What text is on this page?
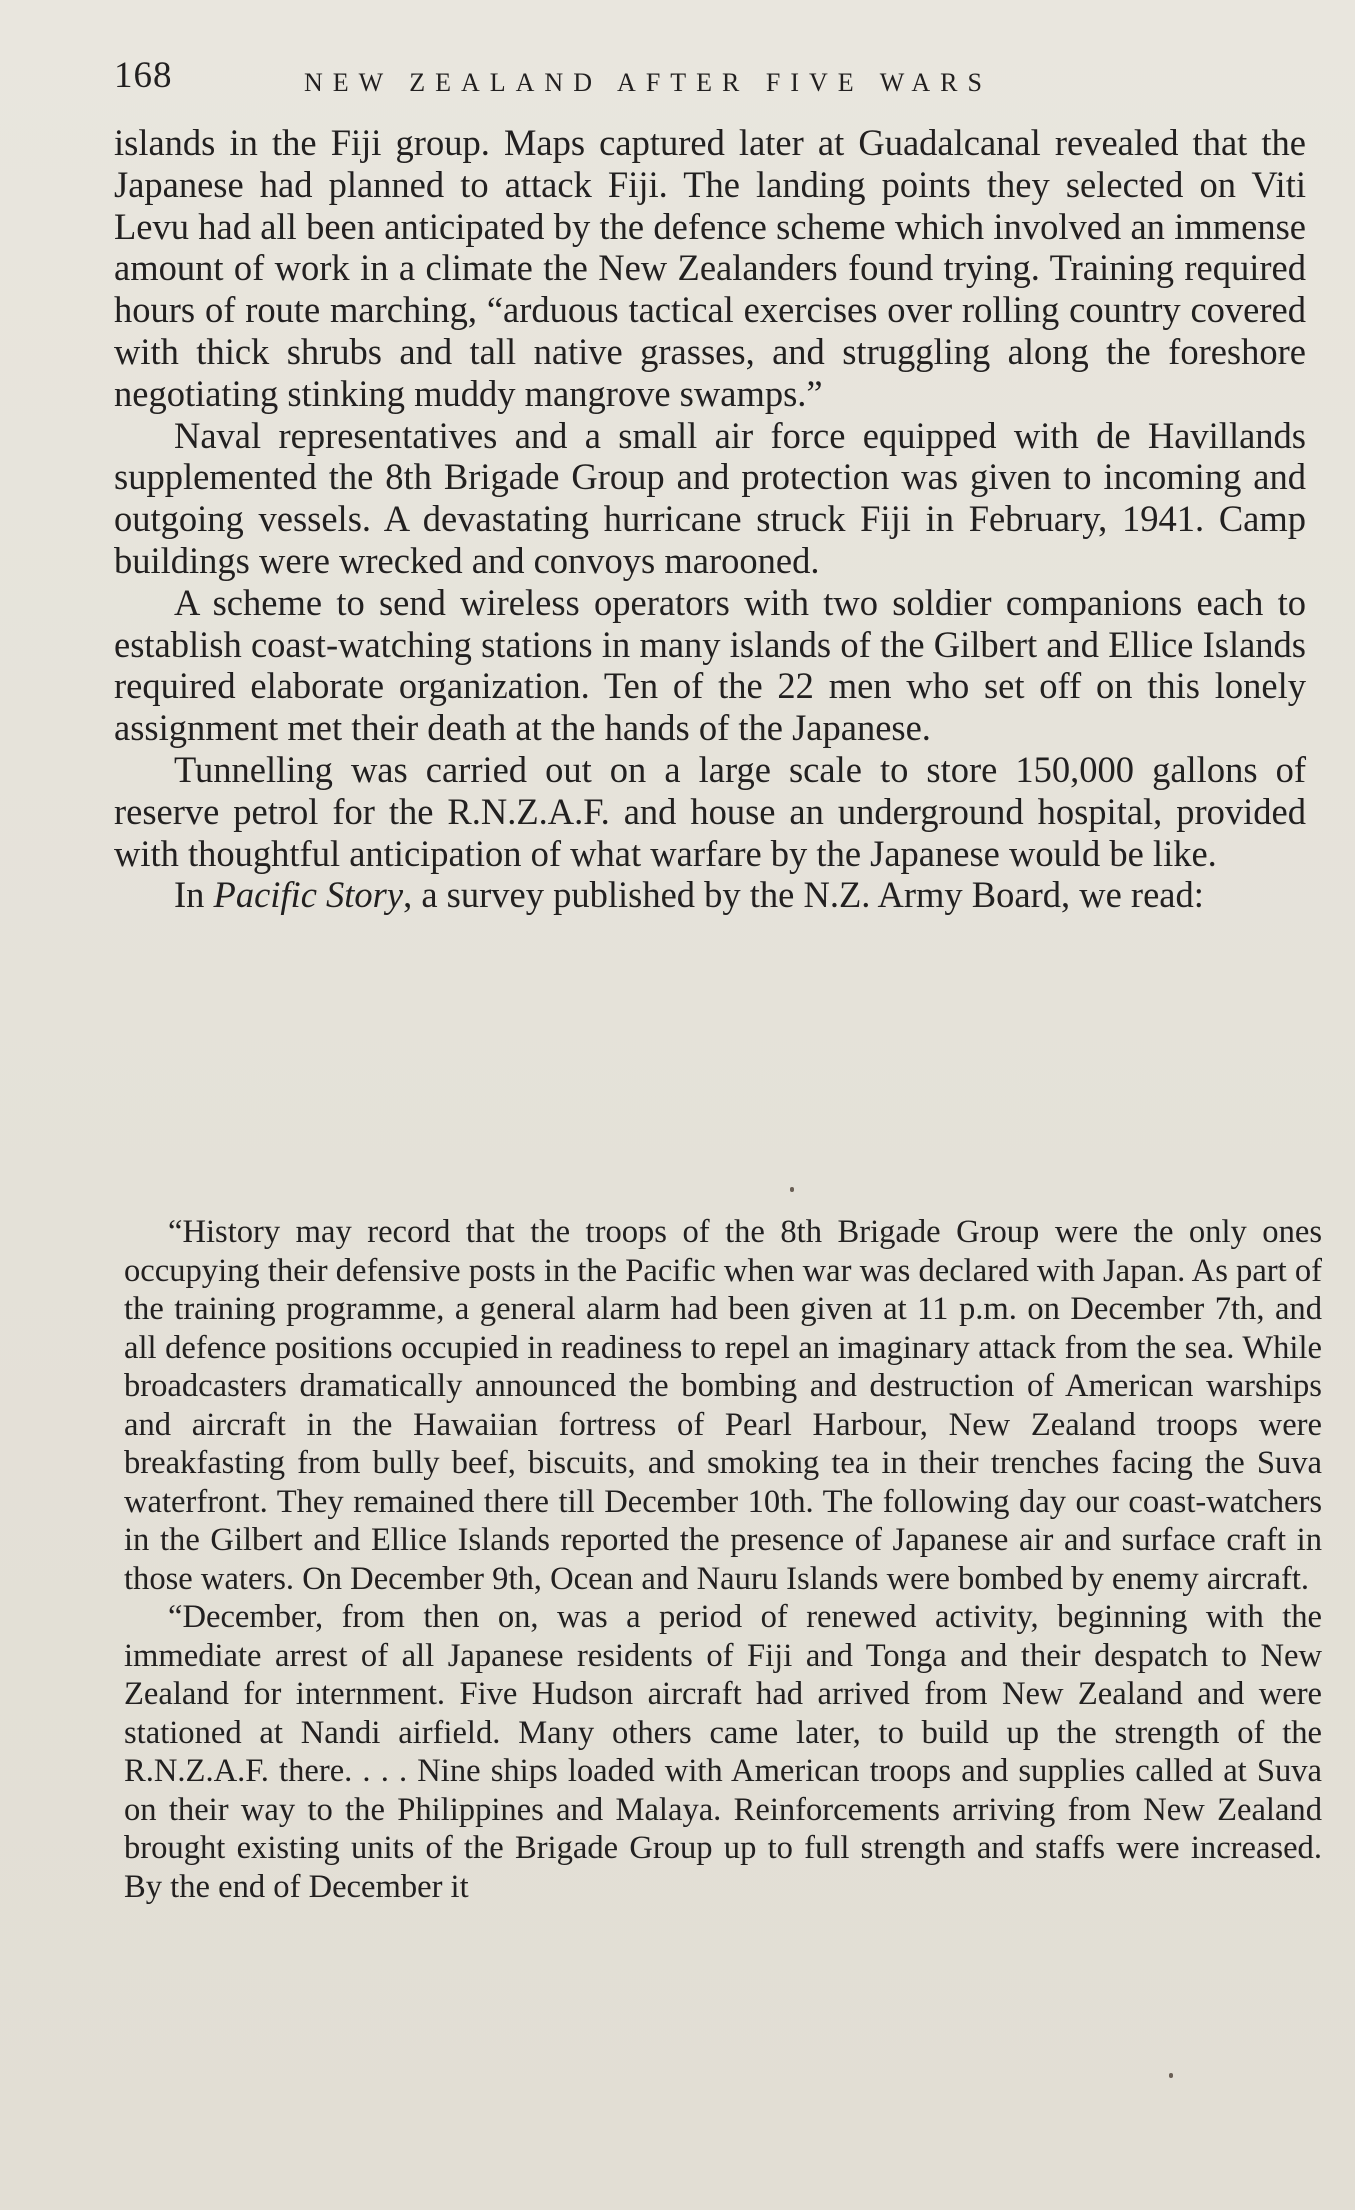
168	NEW ZEALAND AFTER FIVE WARS

islands in the Fiji group. Maps captured later at Guadalcanal revealed that the Japanese had planned to attack Fiji. The landing points they selected on Viti Levu had all been anticipated by the defence scheme which involved an immense amount of work in a climate the New Zealanders found trying. Training required hours of route marching, “arduous tactical exercises over rolling country covered with thick shrubs and tall native grasses, and struggling along the foreshore negotiating stinking muddy mangrove swamps.”

Naval representatives and a small air force equipped with de Havillands supplemented the 8th Brigade Group and protection was given to incoming and outgoing vessels. A devastating hurricane struck Fiji in February, 1941. Camp buildings were wrecked and convoys marooned.

A scheme to send wireless operators with two soldier companions each to establish coast-watching stations in many islands of the Gilbert and Ellice Islands required elaborate organization. Ten of the 22 men who set off on this lonely assignment met their death at the hands of the Japanese.

Tunnelling was carried out on a large scale to store 150,000 gallons of reserve petrol for the R.N.Z.A.F. and house an underground hospital, provided with thoughtful anticipation of what warfare by the Japanese would be like.

In Pacific Story, a survey published by the N.Z. Army Board, we read:

“History may record that the troops of the 8th Brigade Group were the only ones occupying their defensive posts in the Pacific when war was declared with Japan. As part of the training programme, a general alarm had been given at 11 p.m. on December 7th, and all defence positions occupied in readiness to repel an imaginary attack from the sea. While broadcasters dramatically announced the bombing and destruction of American warships and aircraft in the Hawaiian fortress of Pearl Harbour, New Zealand troops were breakfasting from bully beef, biscuits, and smoking tea in their trenches facing the Suva waterfront. They remained there till December 10th. The following day our coast-watchers in the Gilbert and Ellice Islands reported the presence of Japanese air and surface craft in those waters. On December 9th, Ocean and Nauru Islands were bombed by enemy aircraft.

“December, from then on, was a period of renewed activity, beginning with the immediate arrest of all Japanese residents of Fiji and Tonga and their despatch to New Zealand for internment. Five Hudson aircraft had arrived from New Zealand and were stationed at Nandi airfield. Many others came later, to build up the strength of the R.N.Z.A.F. there. . . . Nine ships loaded with American troops and supplies called at Suva on their way to the Philippines and Malaya. Reinforcements arriving from New Zealand brought existing units of the Brigade Group up to full strength and staffs were increased. By the end of December it
